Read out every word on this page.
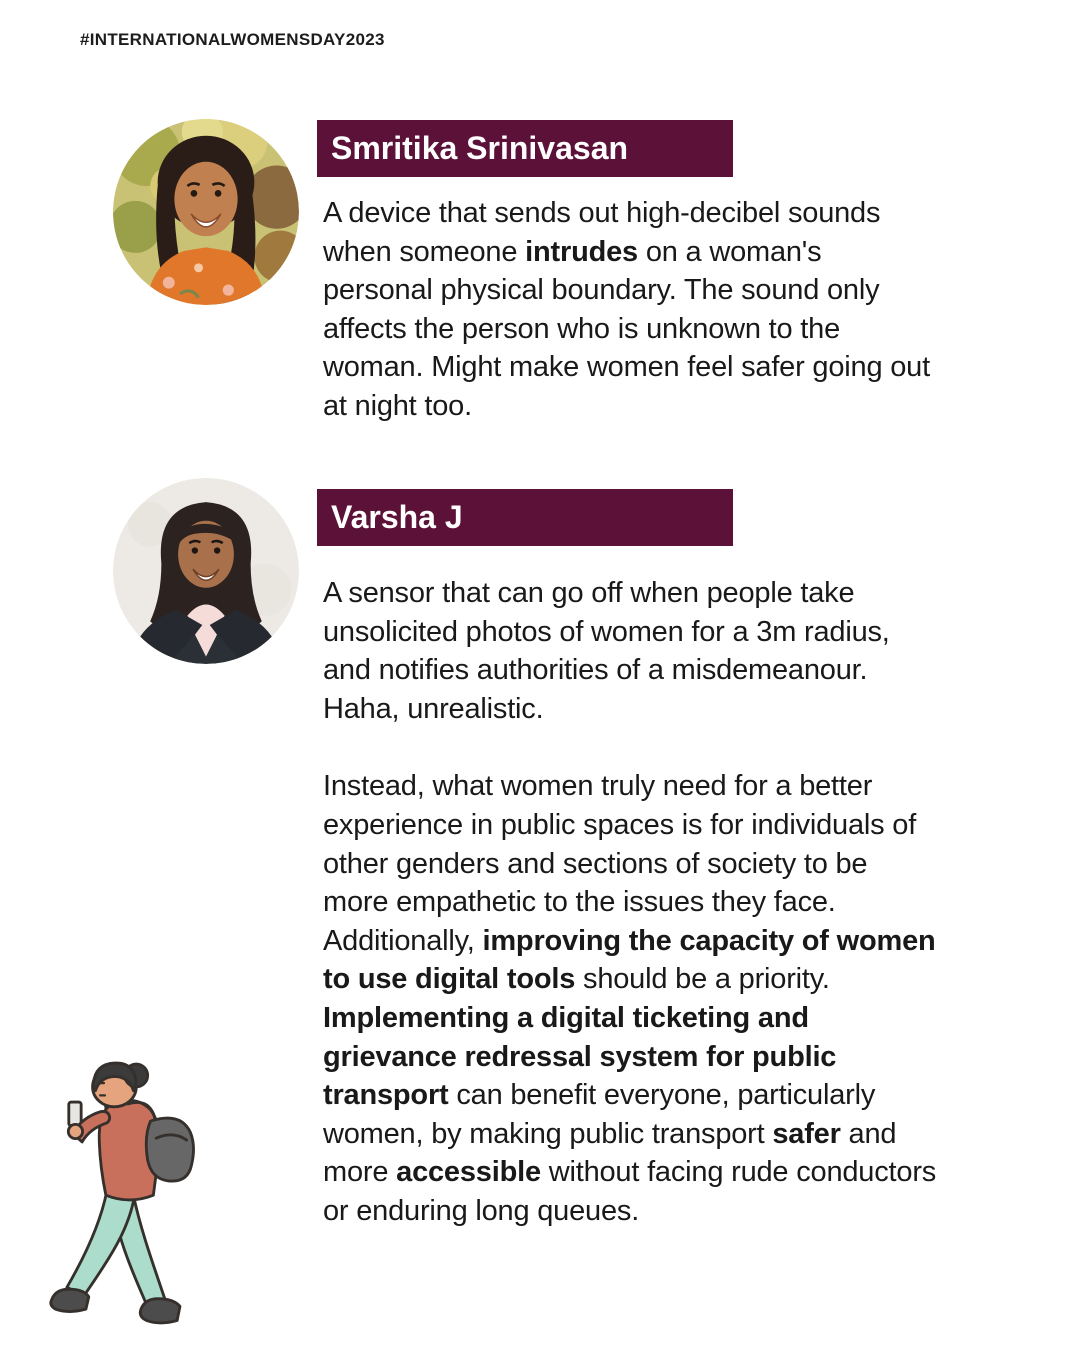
#INTERNATIONALWOMENSDAY2023
Smritika Srinivasan

A device that sends out high-decibel sounds when someone intrudes on a woman's personal physical boundary. The sound only affects the person who is unknown to the woman. Might make women feel safer going out at night too.

Varsha J

A sensor that can go off when people take unsolicited photos of women for a 3m radius, and notifies authorities of a misdemeanour. Haha, unrealistic.

Instead, what women truly need for a better experience in public spaces is for individuals of other genders and sections of society to be more empathetic to the issues they face. Additionally, improving the capacity of women to use digital tools should be a priority. Implementing a digital ticketing and grievance redressal system for public transport can benefit everyone, particularly women, by making public transport safer and more accessible without facing rude conductors or enduring long queues.
